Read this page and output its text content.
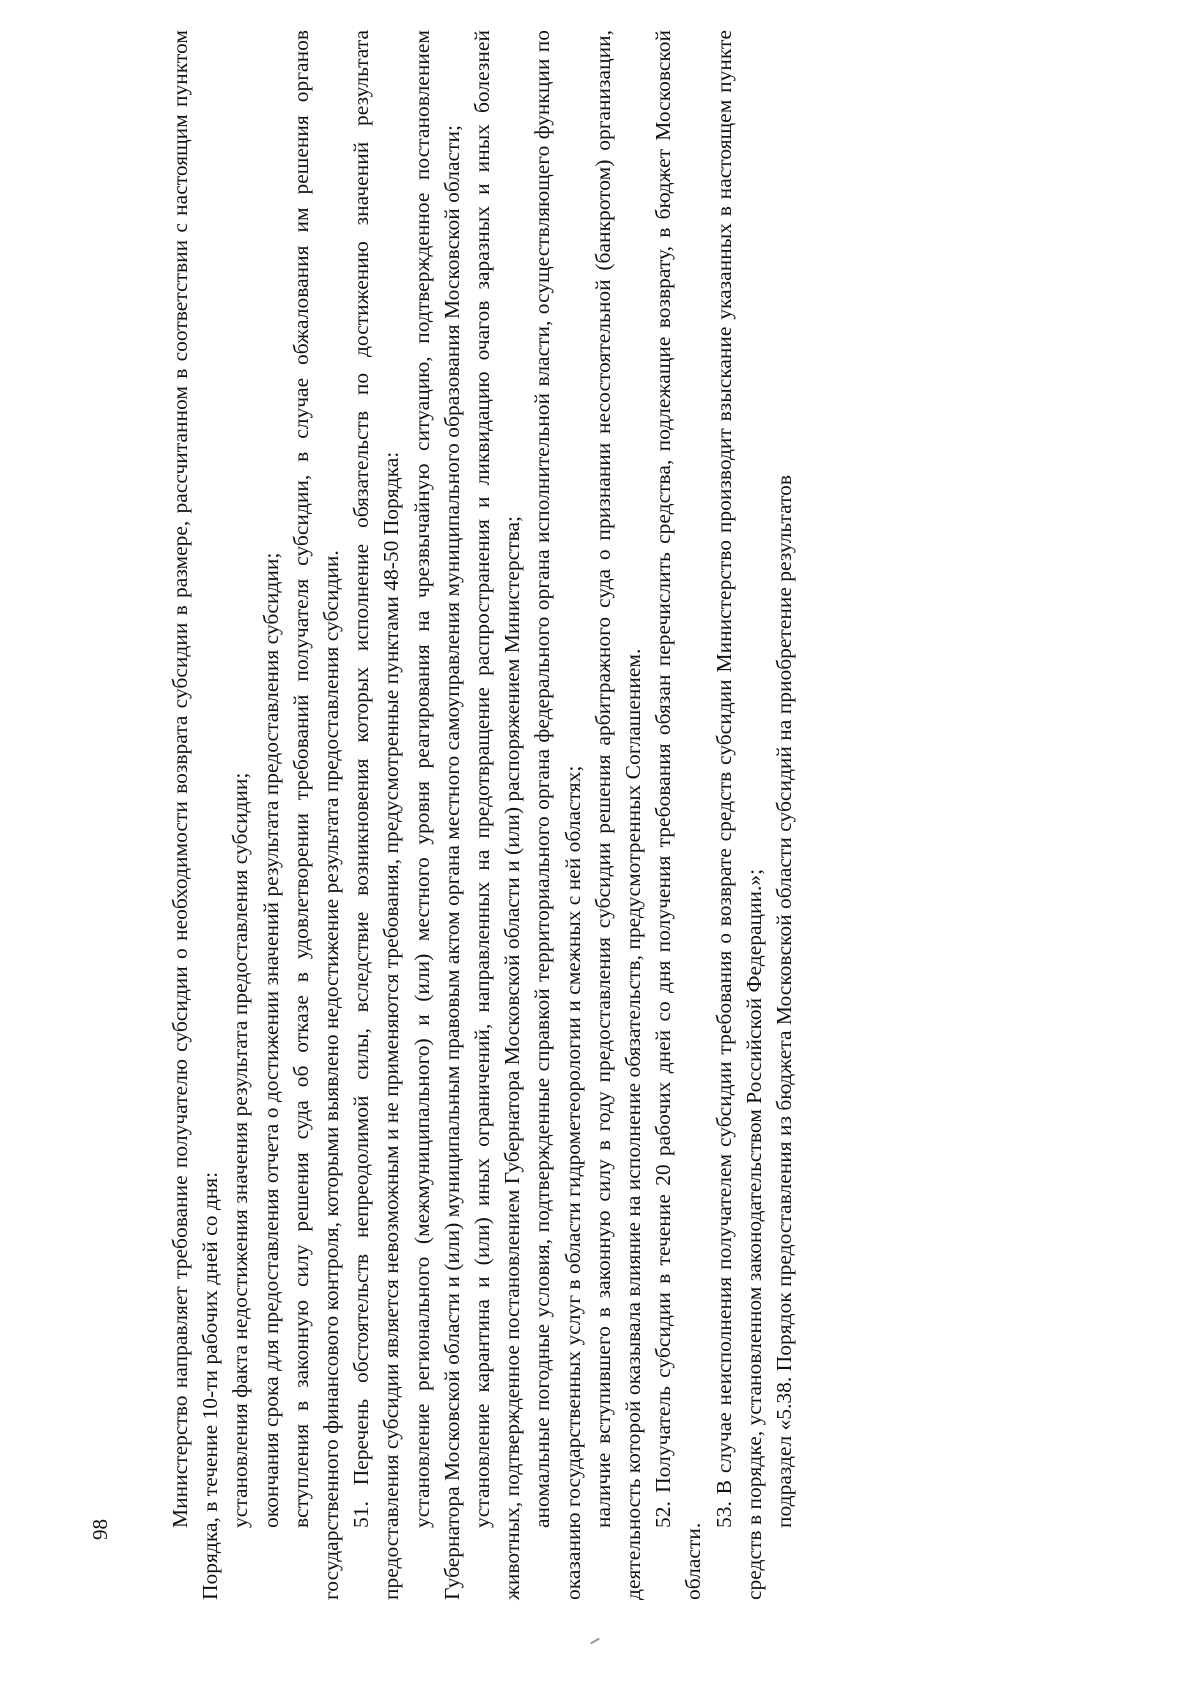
98

Министерство направляет требование получателю субсидии о необходимости возврата субсидии в размере, рассчитанном в соответствии с настоящим пунктом Порядка, в течение 10-ти рабочих дней со дня: установления факта недостижения значения результата предоставления субсидии; окончания срока для предоставления отчета о достижении значений результата предоставления субсидии; вступления в законную силу решения суда об отказе в удовлетворении требований получателя субсидии, в случае обжалования им решения органов государственного финансового контроля, которыми выявлено недостижение результата предоставления субсидии. 51. Перечень обстоятельств непреодолимой силы, вследствие возникновения которых исполнение обязательств по достижению значений результата предоставления субсидии является невозможным и не применяются требования, предусмотренные пунктами 48-50 Порядка: установление регионального (межмуниципального) и (или) местного уровня реагирования на чрезвычайную ситуацию, подтвержденное постановлением Губернатора Московской области и (или) муниципальным правовым актом органа местного самоуправления муниципального образования Московской области; установление карантина и (или) иных ограничений, направленных на предотвращение распространения и ликвидацию очагов заразных и иных болезней животных, подтвержденное постановлением Губернатора Московской области и (или) распоряжением Министерства; аномальные погодные условия, подтвержденные справкой территориального органа федерального органа исполнительной власти, осуществляющего функции по оказанию государственных услуг в области гидрометеорологии и смежных с ней областях; наличие вступившего в законную силу в году предоставления субсидии решения арбитражного суда о признании несостоятельной (банкротом) организации, деятельность которой оказывала влияние на исполнение обязательств, предусмотренных Соглашением. 52. Получатель субсидии в течение 20 рабочих дней со дня получения требования обязан перечислить средства, подлежащие возврату, в бюджет Московской области.

53. В случае неисполнения получателем субсидии требования о возврате средств субсидии Министерство производит взыскание указанных в настоящем пункте средств в порядке, установленном законодательством Российской Федерации.»; подраздел «5.38. Порядок предоставления из бюджета Московской области субсидий на приобретение результатов
